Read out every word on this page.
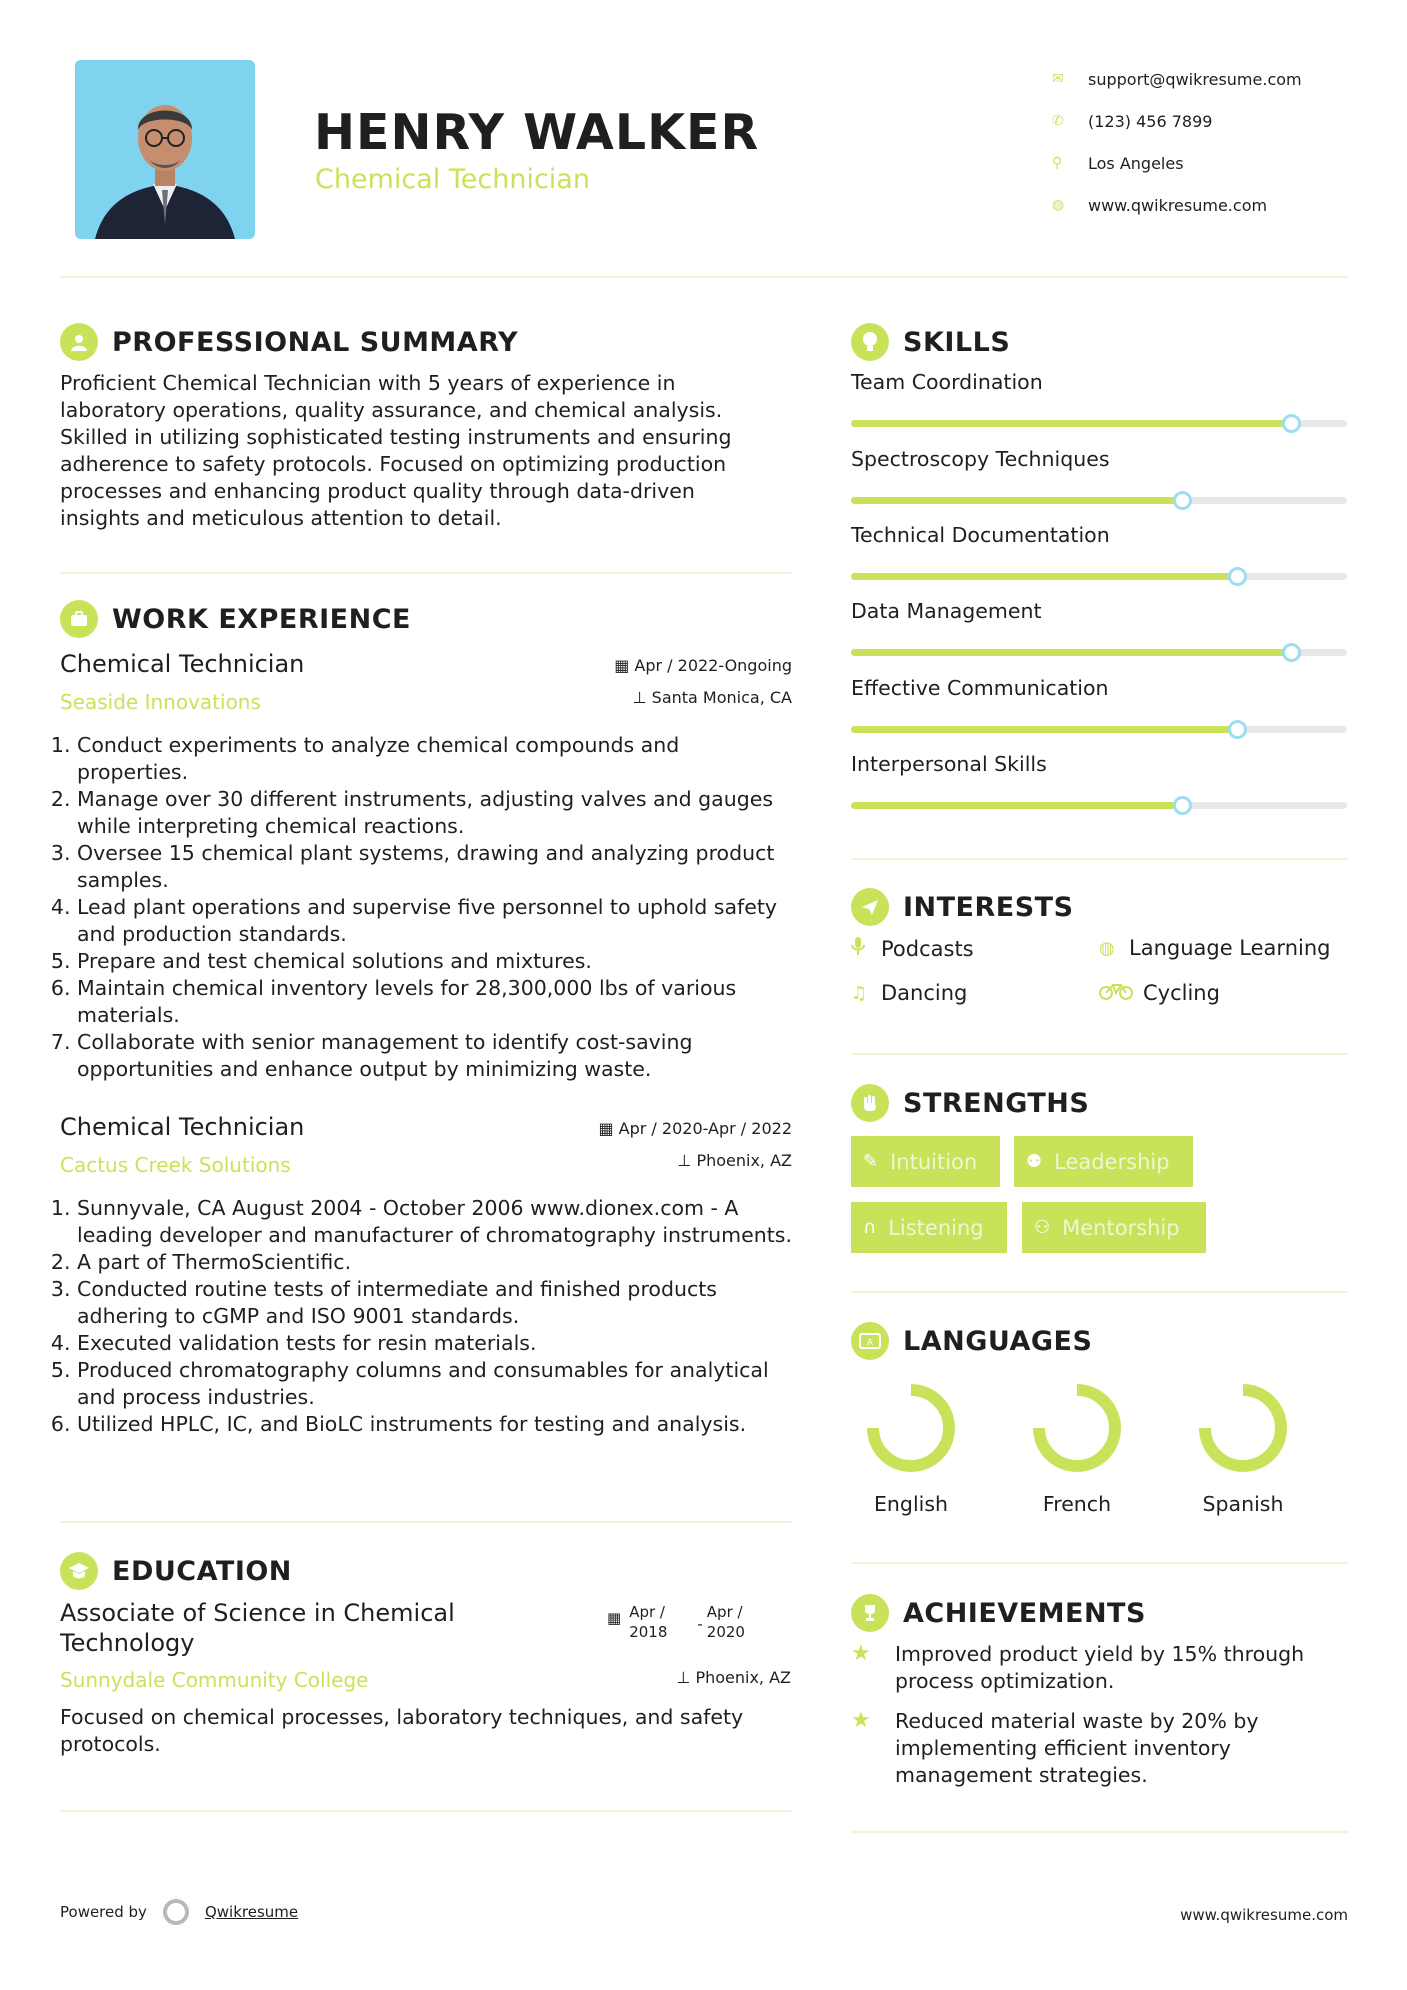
HENRY WALKER
Chemical Technician
✉	support@qwikresume.com
✆	(123) 456 7899
⚲	Los Angeles
◍	www.qwikresume.com
PROFESSIONAL SUMMARY
Proficient Chemical Technician with 5 years of experience in laboratory operations, quality assurance, and chemical analysis. Skilled in utilizing sophisticated testing instruments and ensuring adherence to safety protocols. Focused on optimizing production processes and enhancing product quality through data-driven insights and meticulous attention to detail.
WORK EXPERIENCE
Chemical Technician
Seaside Innovations
▦ Apr / 2022-Ongoing
⊥ Santa Monica, CA
1. Conduct experiments to analyze chemical compounds and properties.
2. Manage over 30 different instruments, adjusting valves and gauges while interpreting chemical reactions.
3. Oversee 15 chemical plant systems, drawing and analyzing product samples.
4. Lead plant operations and supervise five personnel to uphold safety and production standards.
5. Prepare and test chemical solutions and mixtures.
6. Maintain chemical inventory levels for 28,300,000 lbs of various materials.
7. Collaborate with senior management to identify cost-saving opportunities and enhance output by minimizing waste.
Chemical Technician
Cactus Creek Solutions
▦ Apr / 2020-Apr / 2022
⊥ Phoenix, AZ
1. Sunnyvale, CA August 2004 - October 2006 www.dionex.com - A leading developer and manufacturer of chromatography instruments.
2. A part of ThermoScientific.
3. Conducted routine tests of intermediate and finished products adhering to cGMP and ISO 9001 standards.
4. Executed validation tests for resin materials.
5. Produced chromatography columns and consumables for analytical and process industries.
6. Utilized HPLC, IC, and BioLC instruments for testing and analysis.
EDUCATION
Associate of Science in Chemical
Technology
▦ Apr /
2018 -
Apr /
2020
Sunnydale Community College	⊥ Phoenix, AZ
Focused on chemical processes, laboratory techniques, and safety protocols.
SKILLS
Team Coordination
Spectroscopy Techniques
Technical Documentation
Data Management
Effective Communication
Interpersonal Skills
INTERESTS
Podcasts	◍ Language Learning
♫ Dancing	Cycling
STRENGTHS
✎ Intuition	⚉ Leadership
∩ Listening	⚇ Mentorship
A LANGUAGES
English	French	Spanish
ACHIEVEMENTS
★	Improved product yield by 15% through process optimization.
★	Reduced material waste by 20% by implementing efficient inventory management strategies.
Powered by	Qwikresume	www.qwikresume.com
